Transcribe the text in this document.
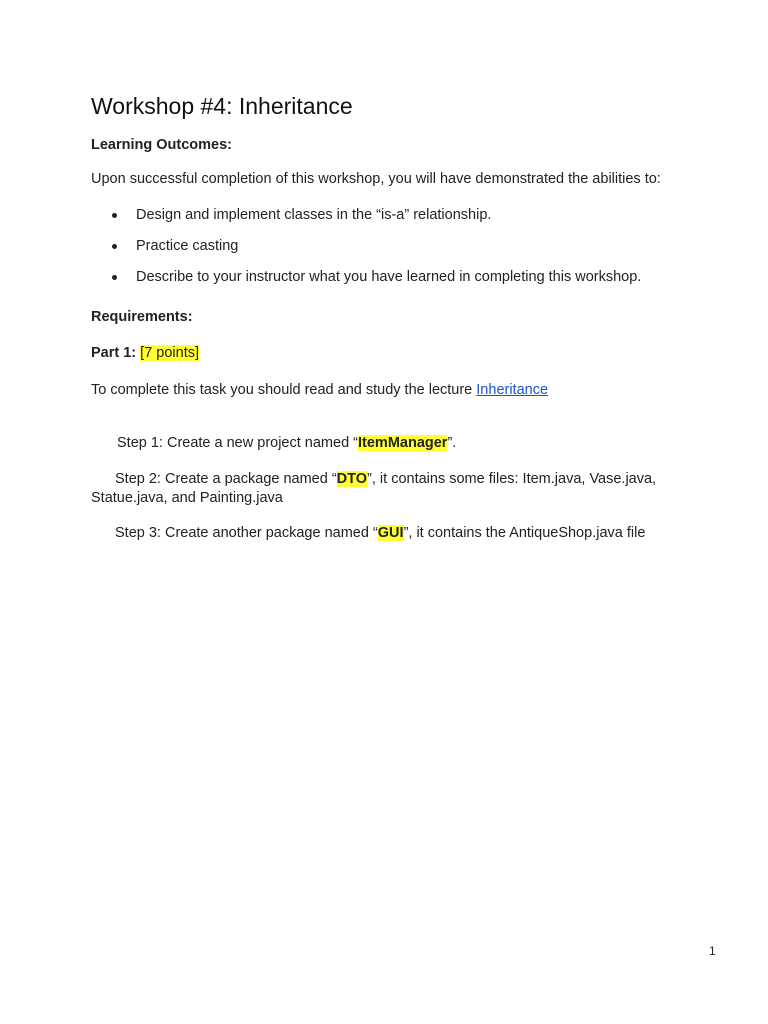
Workshop #4: Inheritance
Learning Outcomes:
Upon successful completion of this workshop, you will have demonstrated the abilities to:
Design and implement classes in the “is-a” relationship.
Practice casting
Describe to your instructor what you have learned in completing this workshop.
Requirements:
Part 1: [7 points]
To complete this task you should read and study the lecture Inheritance
Step 1: Create a new project named “ItemManager”.
Step 2: Create a package named “DTO”, it contains some files: Item.java, Vase.java,
Statue.java, and Painting.java
Step 3: Create another package named “GUI”, it contains the AntiqueShop.java file
1
